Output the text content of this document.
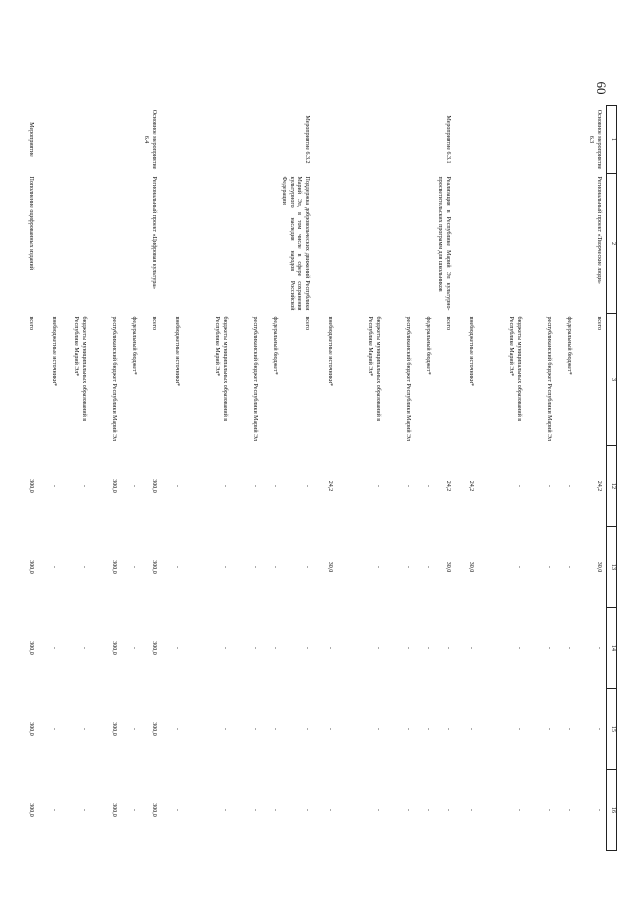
60
1	2	3	12	13	14	15	16
Основное мероприятие 6.3	Региональный проект «Творческие люди»	всего	24,2	30,0	-	-	-
		федеральный бюджет*	-	-	-	-	-
		республиканский бюджет Республики Марий Эл	-	-	-	-	-
		бюджеты муниципальных образований в Республике Марий Эл*	-	-	-	-	-
		внебюджетные источники*	24,2	30,0	-	-	-
Мероприятие 6.3.1	Реализация в Республике Марий Эл культурно-просветительских программ для школьников	всего	24,2	30,0	-	-	-
		федеральный бюджет*	-	-	-	-	-
		республиканский бюджет Республики Марий Эл	-	-	-	-	-
		бюджеты муниципальных образований в Республике Марий Эл*	-	-	-	-	-
		внебюджетные источники*	24,2	30,0	-	-	-
Мероприятие 6.3.2	Поддержка добровольческих движений Республики Марий Эл, в том числе в сфере сохранения культурного наследия народов Российской Федерации	всего	-	-	-	-	-
		федеральный бюджет*	-	-	-	-	-
		республиканский бюджет Республики Марий Эл	-	-	-	-	-
		бюджеты муниципальных образований в Республике Марий Эл*	-	-	-	-	-
		внебюджетные источники*	-	-	-	-	-
Основное мероприятие 6.4	Региональный проект «Цифровая культура»	всего	300,0	300,0	300,0	300,0	300,0
		федеральный бюджет*	-	-	-	-	-
		республиканский бюджет Республики Марий Эл	300,0	300,0	300,0	300,0	300,0
		бюджеты муниципальных образований в Республике Марий Эл*	-	-	-	-	-
		внебюджетные источники*	-	-	-	-	-
Мероприятие	Пополнение оцифрованных изданий	всего	300,0	300,0	300,0	300,0	300,0
